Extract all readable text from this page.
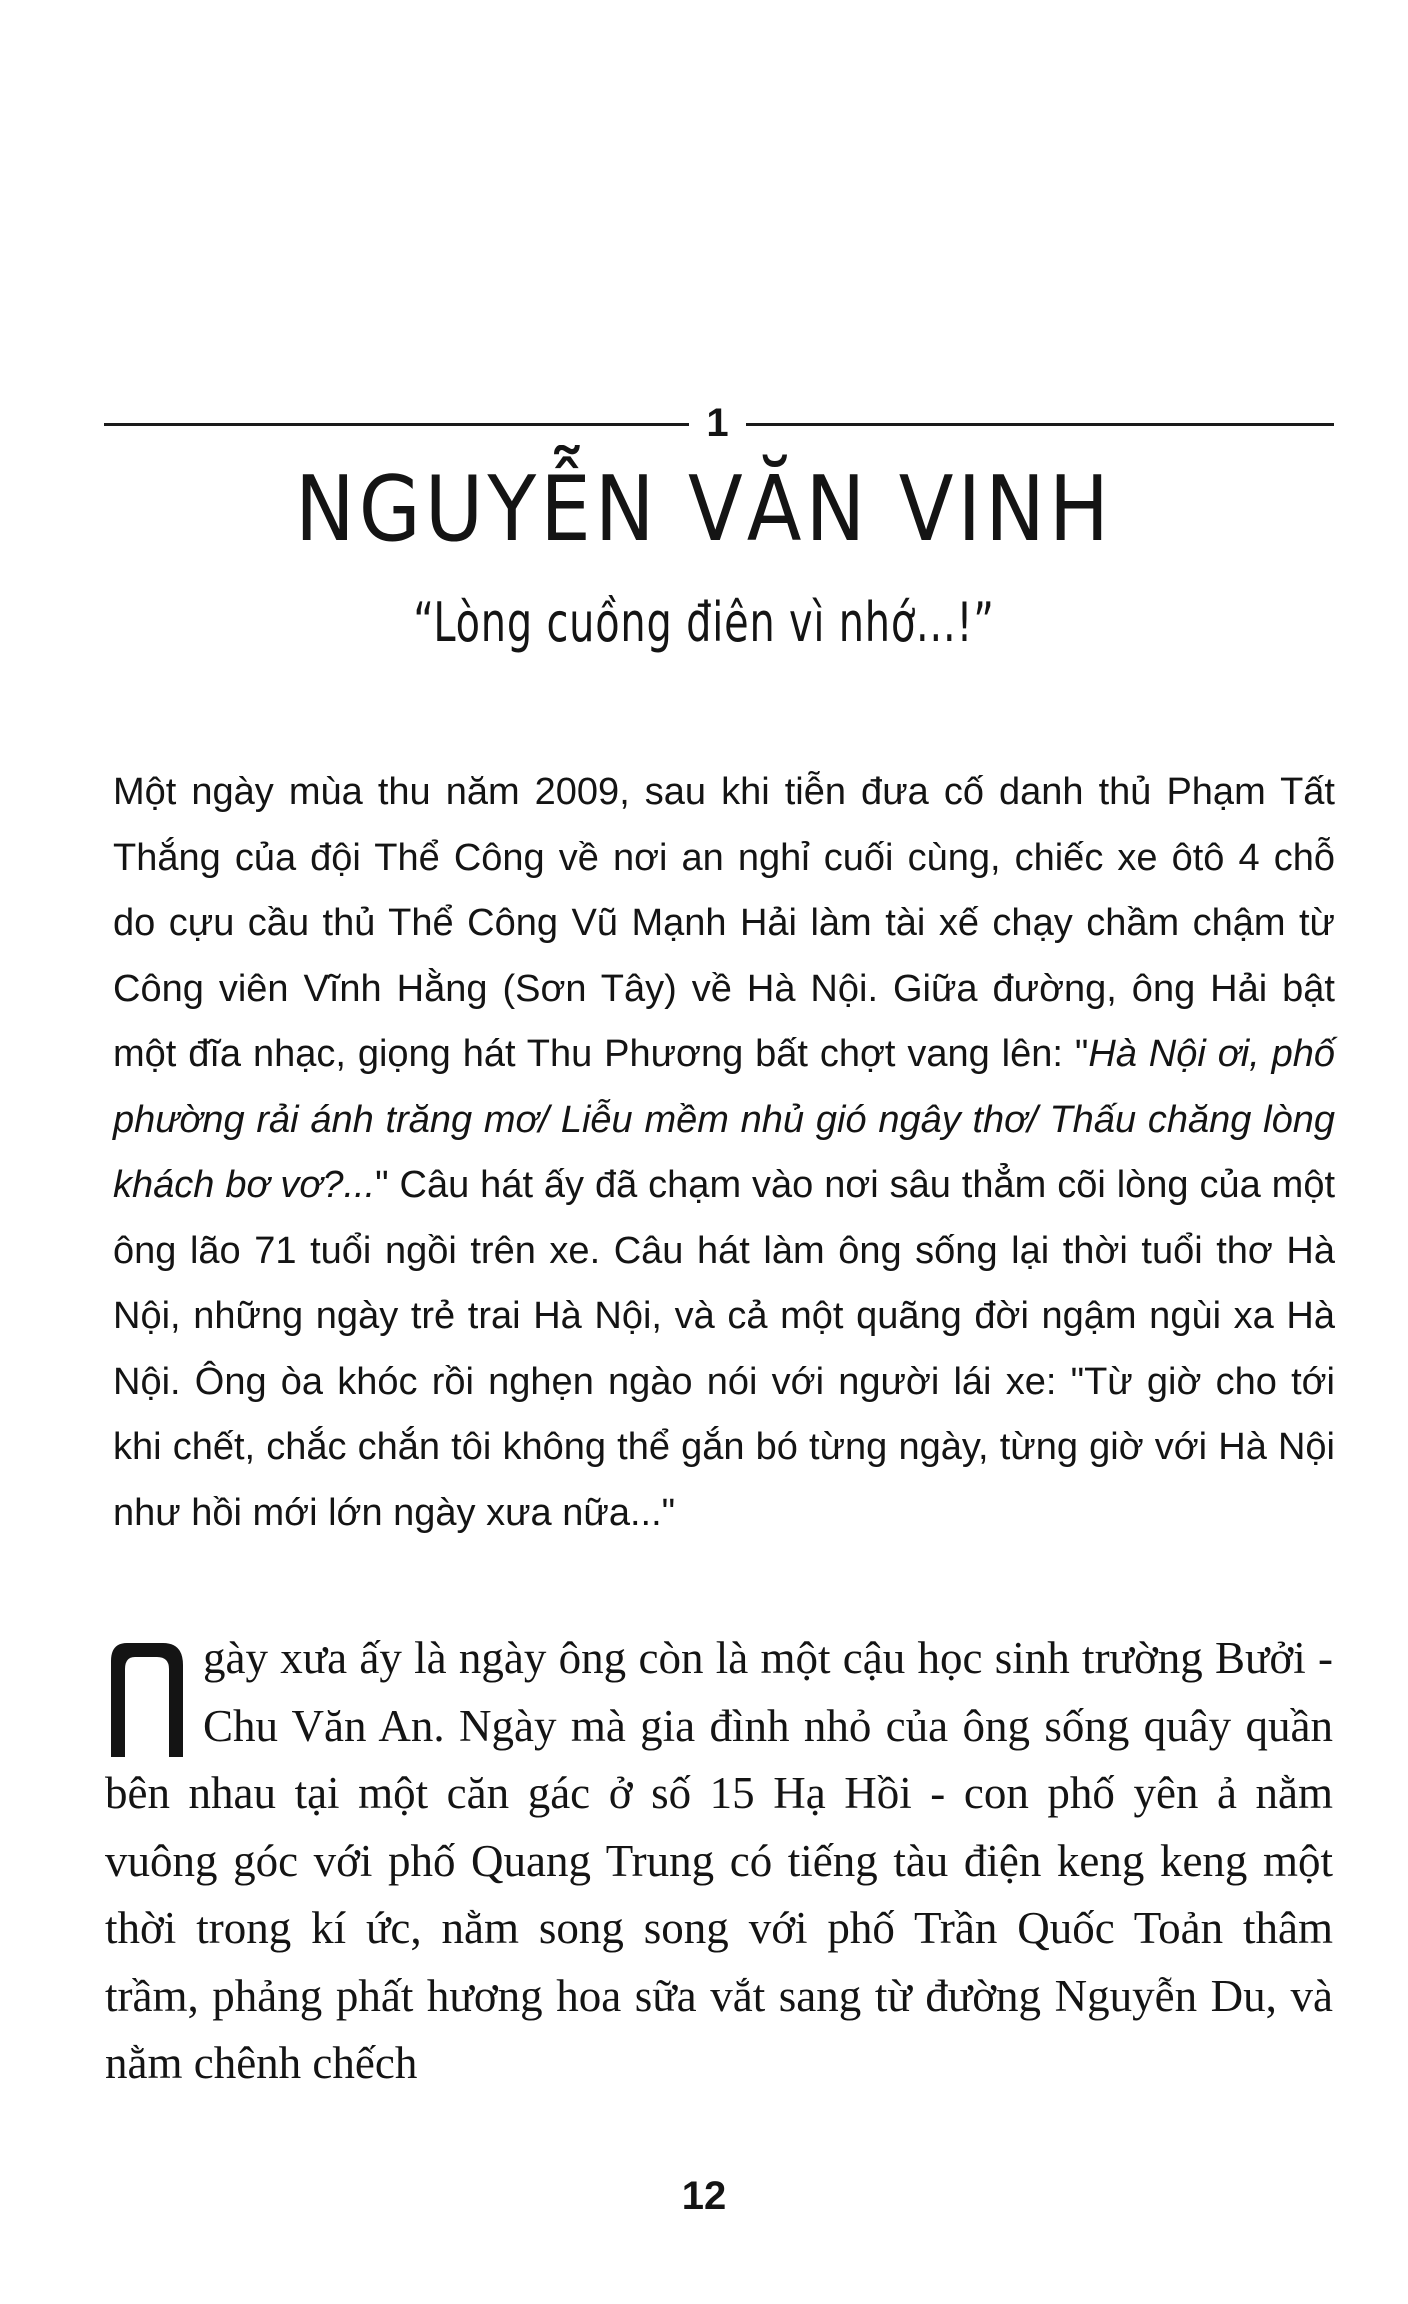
1
NGUYỄN VĂN VINH
“Lòng cuồng điên vì nhớ...!”

Một ngày mùa thu năm 2009, sau khi tiễn đưa cố danh thủ Phạm Tất Thắng của đội Thể Công về nơi an nghỉ cuối cùng, chiếc xe ôtô 4 chỗ do cựu cầu thủ Thể Công Vũ Mạnh Hải làm tài xế chạy chầm chậm từ Công viên Vĩnh Hằng (Sơn Tây) về Hà Nội. Giữa đường, ông Hải bật một đĩa nhạc, giọng hát Thu Phương bất chợt vang lên: "Hà Nội ơi, phố phường rải ánh trăng mơ/ Liễu mềm nhủ gió ngây thơ/ Thấu chăng lòng khách bơ vơ?..." Câu hát ấy đã chạm vào nơi sâu thẳm cõi lòng của một ông lão 71 tuổi ngồi trên xe. Câu hát làm ông sống lại thời tuổi thơ Hà Nội, những ngày trẻ trai Hà Nội, và cả một quãng đời ngậm ngùi xa Hà Nội. Ông òa khóc rồi nghẹn ngào nói với người lái xe: "Từ giờ cho tới khi chết, chắc chắn tôi không thể gắn bó từng ngày, từng giờ với Hà Nội như hồi mới lớn ngày xưa nữa..."

gày xưa ấy là ngày ông còn là một cậu học sinh trường Bưởi - Chu Văn An. Ngày mà gia đình nhỏ của ông sống quây quần bên nhau tại một căn gác ở số 15 Hạ Hồi - con phố yên ả nằm vuông góc với phố Quang Trung có tiếng tàu điện keng keng một thời trong kí ức, nằm song song với phố Trần Quốc Toản thâm trầm, phảng phất hương hoa sữa vắt sang từ đường Nguyễn Du, và nằm chênh chếch

12
